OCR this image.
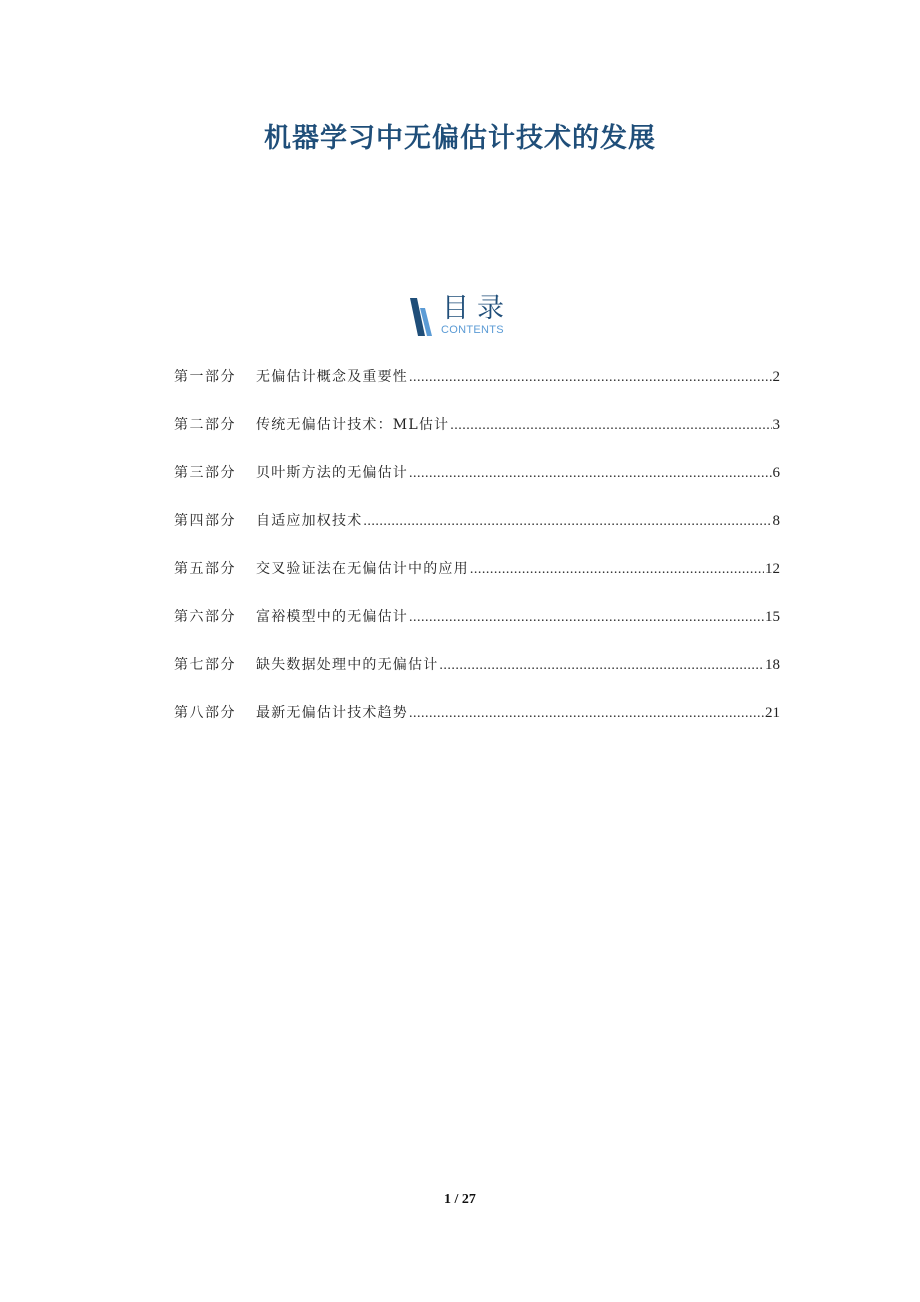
机器学习中无偏估计技术的发展
目录
CONTENTS
第一部分	无偏估计概念及重要性 .....	2
第二部分	传统无偏估计技术：ML估计 .....	3
第三部分	贝叶斯方法的无偏估计 .....	6
第四部分	自适应加权技术 .....	8
第五部分	交叉验证法在无偏估计中的应用 .....	12
第六部分	富裕模型中的无偏估计 .....	15
第七部分	缺失数据处理中的无偏估计 .....	18
第八部分	最新无偏估计技术趋势 .....	21
1 / 27
